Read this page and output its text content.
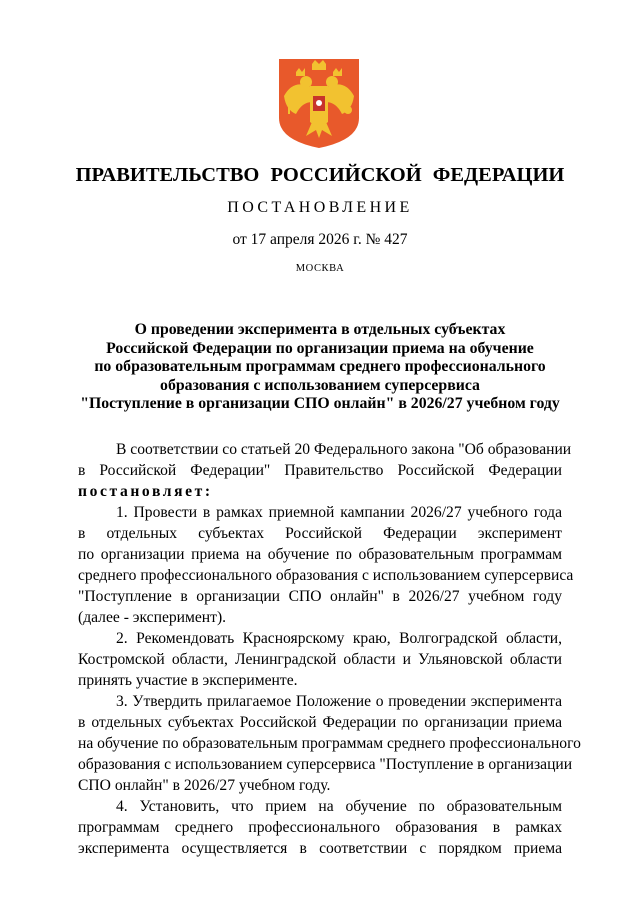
ПРАВИТЕЛЬСТВО РОССИЙСКОЙ ФЕДЕРАЦИИ
ПОСТАНОВЛЕНИЕ
от 17 апреля 2026 г. № 427
МОСКВА
О проведении эксперимента в отдельных субъектах
Российской Федерации по организации приема на обучение
по образовательным программам среднего профессионального
образования с использованием суперсервиса
"Поступление в организации СПО онлайн" в 2026/27 учебном году
В соответствии со статьей 20 Федерального закона "Об образовании
в Российской Федерации" Правительство Российской Федерации
постановляет:
1. Провести в рамках приемной кампании 2026/27 учебного года
в отдельных субъектах Российской Федерации эксперимент
по организации приема на обучение по образовательным программам
среднего профессионального образования с использованием суперсервиса
"Поступление в организации СПО онлайн" в 2026/27 учебном году
(далее - эксперимент).
2. Рекомендовать Красноярскому краю, Волгоградской области,
Костромской области, Ленинградской области и Ульяновской области
принять участие в эксперименте.
3. Утвердить прилагаемое Положение о проведении эксперимента
в отдельных субъектах Российской Федерации по организации приема
на обучение по образовательным программам среднего профессионального
образования с использованием суперсервиса "Поступление в организации
СПО онлайн" в 2026/27 учебном году.
4. Установить, что прием на обучение по образовательным
программам среднего профессионального образования в рамках
эксперимента осуществляется в соответствии с порядком приема
